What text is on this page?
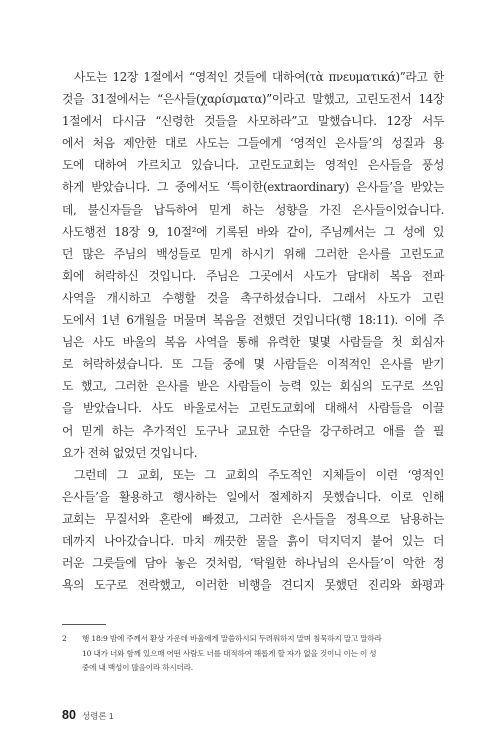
사도는 12장 1절에서 “영적인 것들에 대하여(τὰ πνευματικά)”라고 한
것을 31절에서는 “은사들(χαρίσματα)”이라고 말했고, 고린도전서 14장
1절에서 다시금 “신령한 것들을 사모하라”고 말했습니다. 12장 서두
에서 처음 제안한 대로 사도는 그들에게 ‘영적인 은사들’의 성질과 용
도에 대하여 가르치고 있습니다. 고린도교회는 영적인 은사들을 풍성
하게 받았습니다. 그 중에서도 ‘특이한(extraordinary) 은사들’을 받았는
데, 불신자들을 납득하여 믿게 하는 성향을 가진 은사들이었습니다.
사도행전 18장 9, 10절²에 기록된 바와 같이, 주님께서는 그 성에 있
던 많은 주님의 백성들로 믿게 하시기 위해 그러한 은사를 고린도교
회에 허락하신 것입니다. 주님은 그곳에서 사도가 담대히 복음 전파
사역을 개시하고 수행할 것을 촉구하셨습니다. 그래서 사도가 고린
도에서 1년 6개월을 머물며 복음을 전했던 것입니다(행 18:11). 이에 주
님은 사도 바울의 복음 사역을 통해 유력한 몇몇 사람들을 첫 회심자
로 허락하셨습니다. 또 그들 중에 몇 사람들은 이적적인 은사를 받기
도 했고, 그러한 은사를 받은 사람들이 능력 있는 회심의 도구로 쓰임
을 받았습니다. 사도 바울로서는 고린도교회에 대해서 사람들을 이끌
어 믿게 하는 추가적인 도구나 교묘한 수단을 강구하려고 애를 쓸 필
요가 전혀 없었던 것입니다.
그런데 그 교회, 또는 그 교회의 주도적인 지체들이 이런 ‘영적인
은사들’을 활용하고 행사하는 일에서 절제하지 못했습니다. 이로 인해
교회는 무질서와 혼란에 빠졌고, 그러한 은사들을 정욕으로 남용하는
데까지 나아갔습니다. 마치 깨끗한 물을 흙이 덕지덕지 붙어 있는 더
러운 그릇들에 담아 놓은 것처럼, ‘탁월한 하나님의 은사들’이 악한 정
욕의 도구로 전락했고, 이러한 비행을 견디지 못했던 진리와 화평과
2 행 18:9 밤에 주께서 환상 가운데 바울에게 말씀하시되 두려워하지 말며 침묵하지 말고 말하라
10 내가 너와 함께 있으매 어떤 사람도 너를 대적하여 해롭게 할 자가 없을 것이니 이는 이 성
중에 내 백성이 많음이라 하시더라.
80 성령론 1
